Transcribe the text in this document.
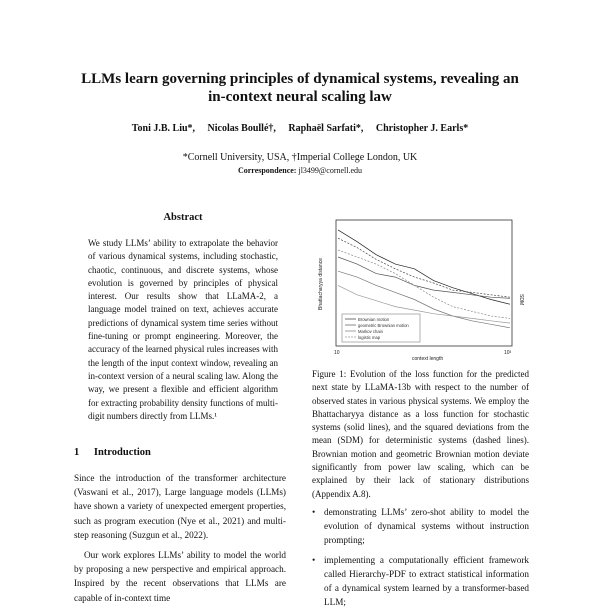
LLMs learn governing principles of dynamical systems, revealing an
in-context neural scaling law
Toni J.B. Liu*, Nicolas Boullé†, Raphaël Sarfati*, Christopher J. Earls*
*Cornell University, USA, †Imperial College London, UK
Correspondence: jl3499@cornell.edu
Abstract
We study LLMs’ ability to extrapolate the behavior of various dynamical systems, including stochastic, chaotic, continuous, and discrete systems, whose evolution is governed by principles of physical interest. Our results show that LLaMA-2, a language model trained on text, achieves accurate predictions of dynamical system time series without fine-tuning or prompt engineering. Moreover, the accuracy of the learned physical rules increases with the length of the input context window, revealing an in-context version of a neural scaling law. Along the way, we present a flexible and efficient algorithm for extracting probability density functions of multi-digit numbers directly from LLMs.¹
1 Introduction

Since the introduction of the transformer architecture (Vaswani et al., 2017), Large language models (LLMs) have shown a variety of unexpected emergent properties, such as program execution (Nye et al., 2021) and multi-step reasoning (Suzgun et al., 2022).

Our work explores LLMs’ ability to model the world by proposing a new perspective and empirical approach. Inspired by the recent observations that LLMs are capable of in-context time

Brownian motion
geometric Brownian motion
Markov chain
logistic map
Bhattacharyya distance	SDM
10	10³
context length
Figure 1: Evolution of the loss function for the predicted next state by LLaMA-13b with respect to the number of observed states in various physical systems. We employ the Bhattacharyya distance as a loss function for stochastic systems (solid lines), and the squared deviations from the mean (SDM) for deterministic systems (dashed lines). Brownian motion and geometric Brownian motion deviate significantly from power law scaling, which can be explained by their lack of stationary distributions (Appendix A.8).
• demonstrating LLMs’ zero-shot ability to model the evolution of dynamical systems without instruction prompting;
• implementing a computationally efficient framework called Hierarchy-PDF to extract statistical information of a dynamical system learned by a transformer-based LLM;
